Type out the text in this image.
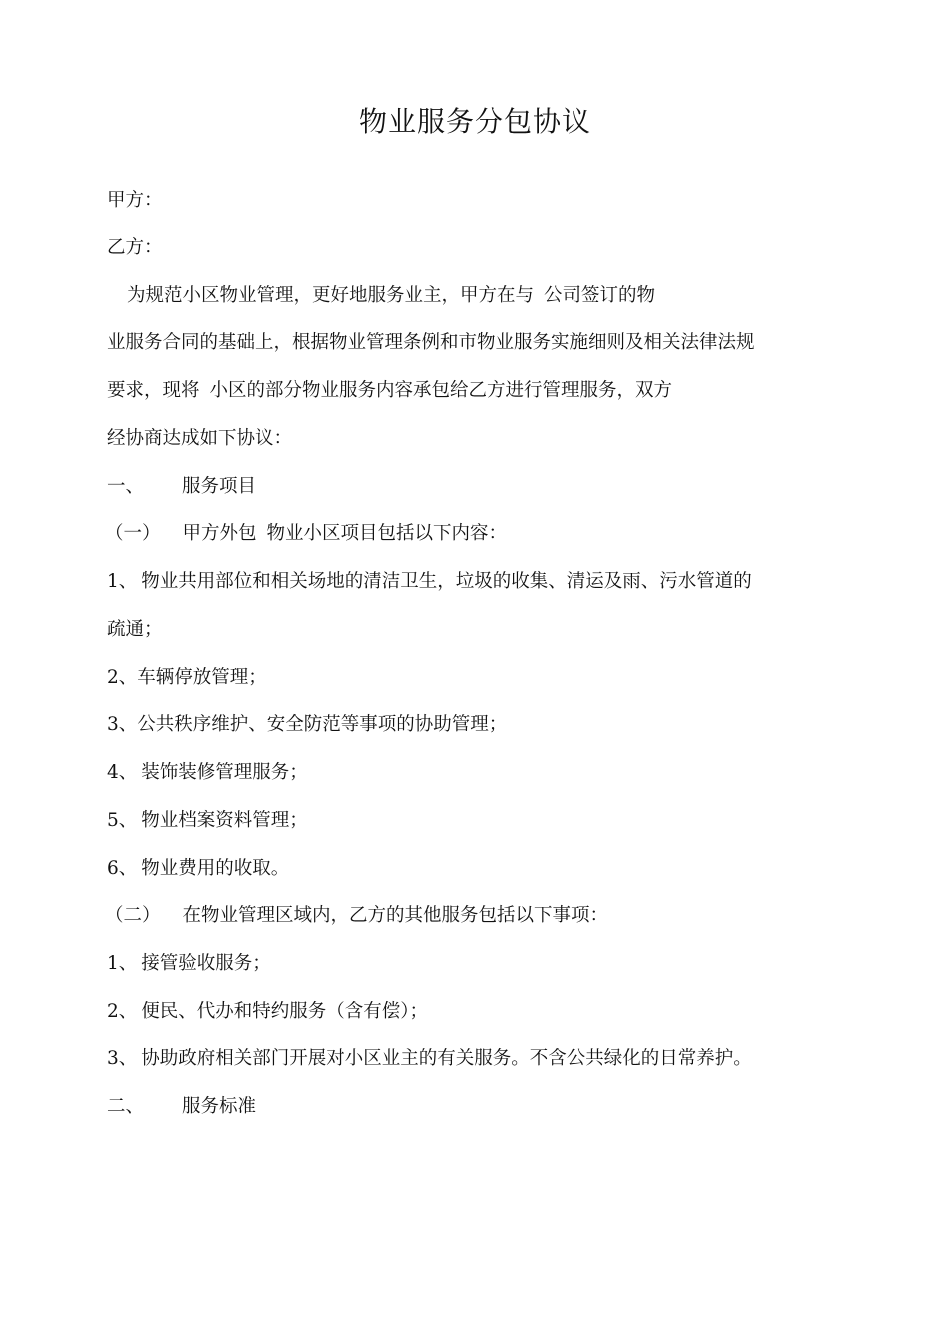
物业服务分包协议
甲方：
乙方：
为规范小区物业管理，更好地服务业主，甲方在与 公司签订的物
业服务合同的基础上，根据物业管理条例和市物业服务实施细则及相关法律法规
要求，现将 小区的部分物业服务内容承包给乙方进行管理服务，双方
经协商达成如下协议：
一、 服务项目
（一） 甲方外包 物业小区项目包括以下内容：
1、 物业共用部位和相关场地的清洁卫生，垃圾的收集、清运及雨、污水管道的
疏通；
2、车辆停放管理；
3、公共秩序维护、安全防范等事项的协助管理；
4、 装饰装修管理服务；
5、 物业档案资料管理；
6、 物业费用的收取。
（二） 在物业管理区域内，乙方的其他服务包括以下事项：
1、 接管验收服务；
2、 便民、代办和特约服务（含有偿）；
3、 协助政府相关部门开展对小区业主的有关服务。不含公共绿化的日常养护。
二、 服务标准
